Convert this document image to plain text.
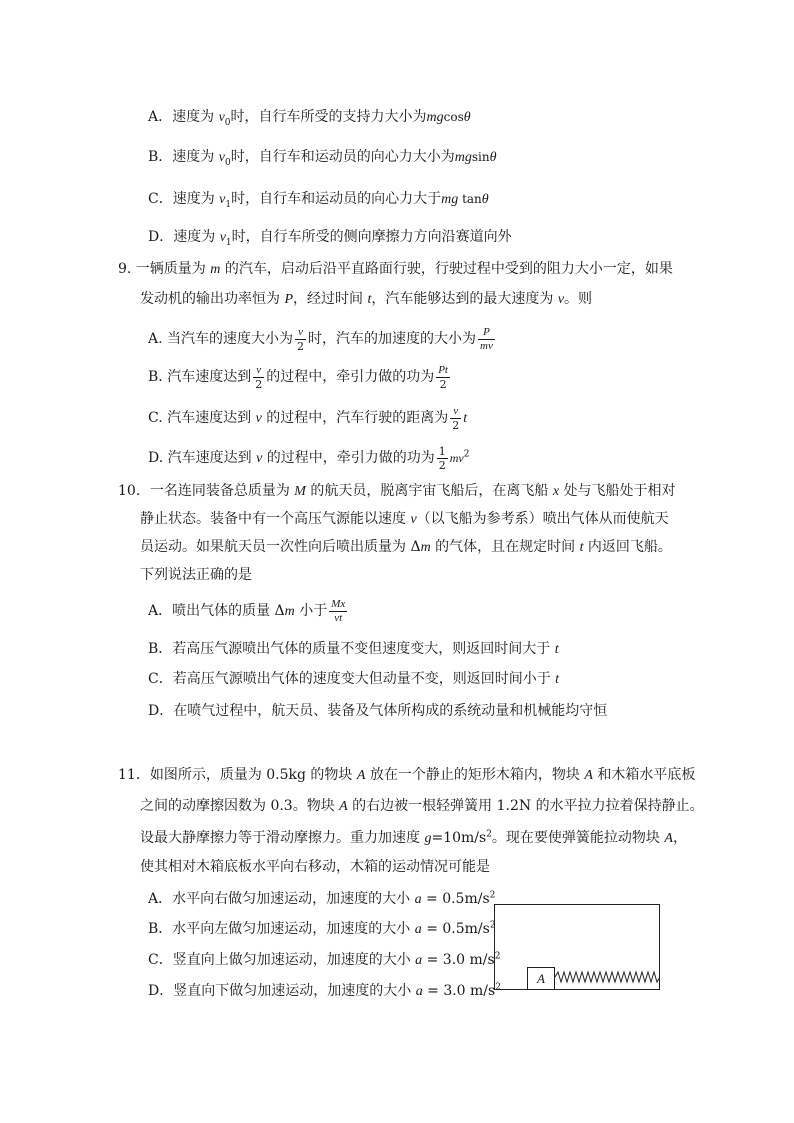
A．速度为 $v_0$时，自行车所受的支持力大小为mgcosθ
B．速度为 $v_0$时，自行车和运动员的向心力大小为mgsinθ
C．速度为 $v_1$时，自行车和运动员的向心力大于mg tanθ
D．速度为 $v_1$时，自行车所受的侧向摩擦力方向沿赛道向外
9. 一辆质量为 m 的汽车，启动后沿平直路面行驶，行驶过程中受到的阻力大小一定，如果
发动机的输出功率恒为 P，经过时间 t，汽车能够达到的最大速度为 v。则
A. 当汽车的速度大小为 $\frac{v}{2}$ 时，汽车的加速度的大小为 $\frac{P}{mv}$
B. 汽车速度达到 $\frac{v}{2}$ 的过程中，牵引力做的功为 $\frac{Pt}{2}$
C. 汽车速度达到 v 的过程中，汽车行驶的距离为 $\frac{v}{2}$ t
D. 汽车速度达到 v 的过程中，牵引力做的功为 $\frac{1}{2} mv^2$
10．一名连同装备总质量为 M 的航天员，脱离宇宙飞船后，在离飞船 x 处与飞船处于相对
静止状态。装备中有一个高压气源能以速度 v（以飞船为参考系）喷出气体从而使航天
员运动。如果航天员一次性向后喷出质量为 Δm 的气体，且在规定时间 t 内返回飞船。
下列说法正确的是
A．喷出气体的质量 Δm 小于 $\frac{Mx}{vt}$
B．若高压气源喷出气体的质量不变但速度变大，则返回时间大于 t
C．若高压气源喷出气体的速度变大但动量不变，则返回时间小于 t
D．在喷气过程中，航天员、装备及气体所构成的系统动量和机械能均守恒
11．如图所示，质量为 0.5kg 的物块 A 放在一个静止的矩形木箱内，物块 A 和木箱水平底板
之间的动摩擦因数为 0.3。物块 A 的右边被一根轻弹簧用 1.2N 的水平拉力拉着保持静止。
设最大静摩擦力等于滑动摩擦力。重力加速度 $g=10m/s^2$。现在要使弹簧能拉动物块 A，
使其相对木箱底板水平向右移动，木箱的运动情况可能是
A．水平向右做匀加速运动，加速度的大小 $a = 0.5m/s^2$
B．水平向左做匀加速运动，加速度的大小 $a = 0.5m/s^2$
C．竖直向上做匀加速运动，加速度的大小 a = 3.0 $m/s^2$
D．竖直向下做匀加速运动，加速度的大小 a = 3.0 $m/s^2$
A
